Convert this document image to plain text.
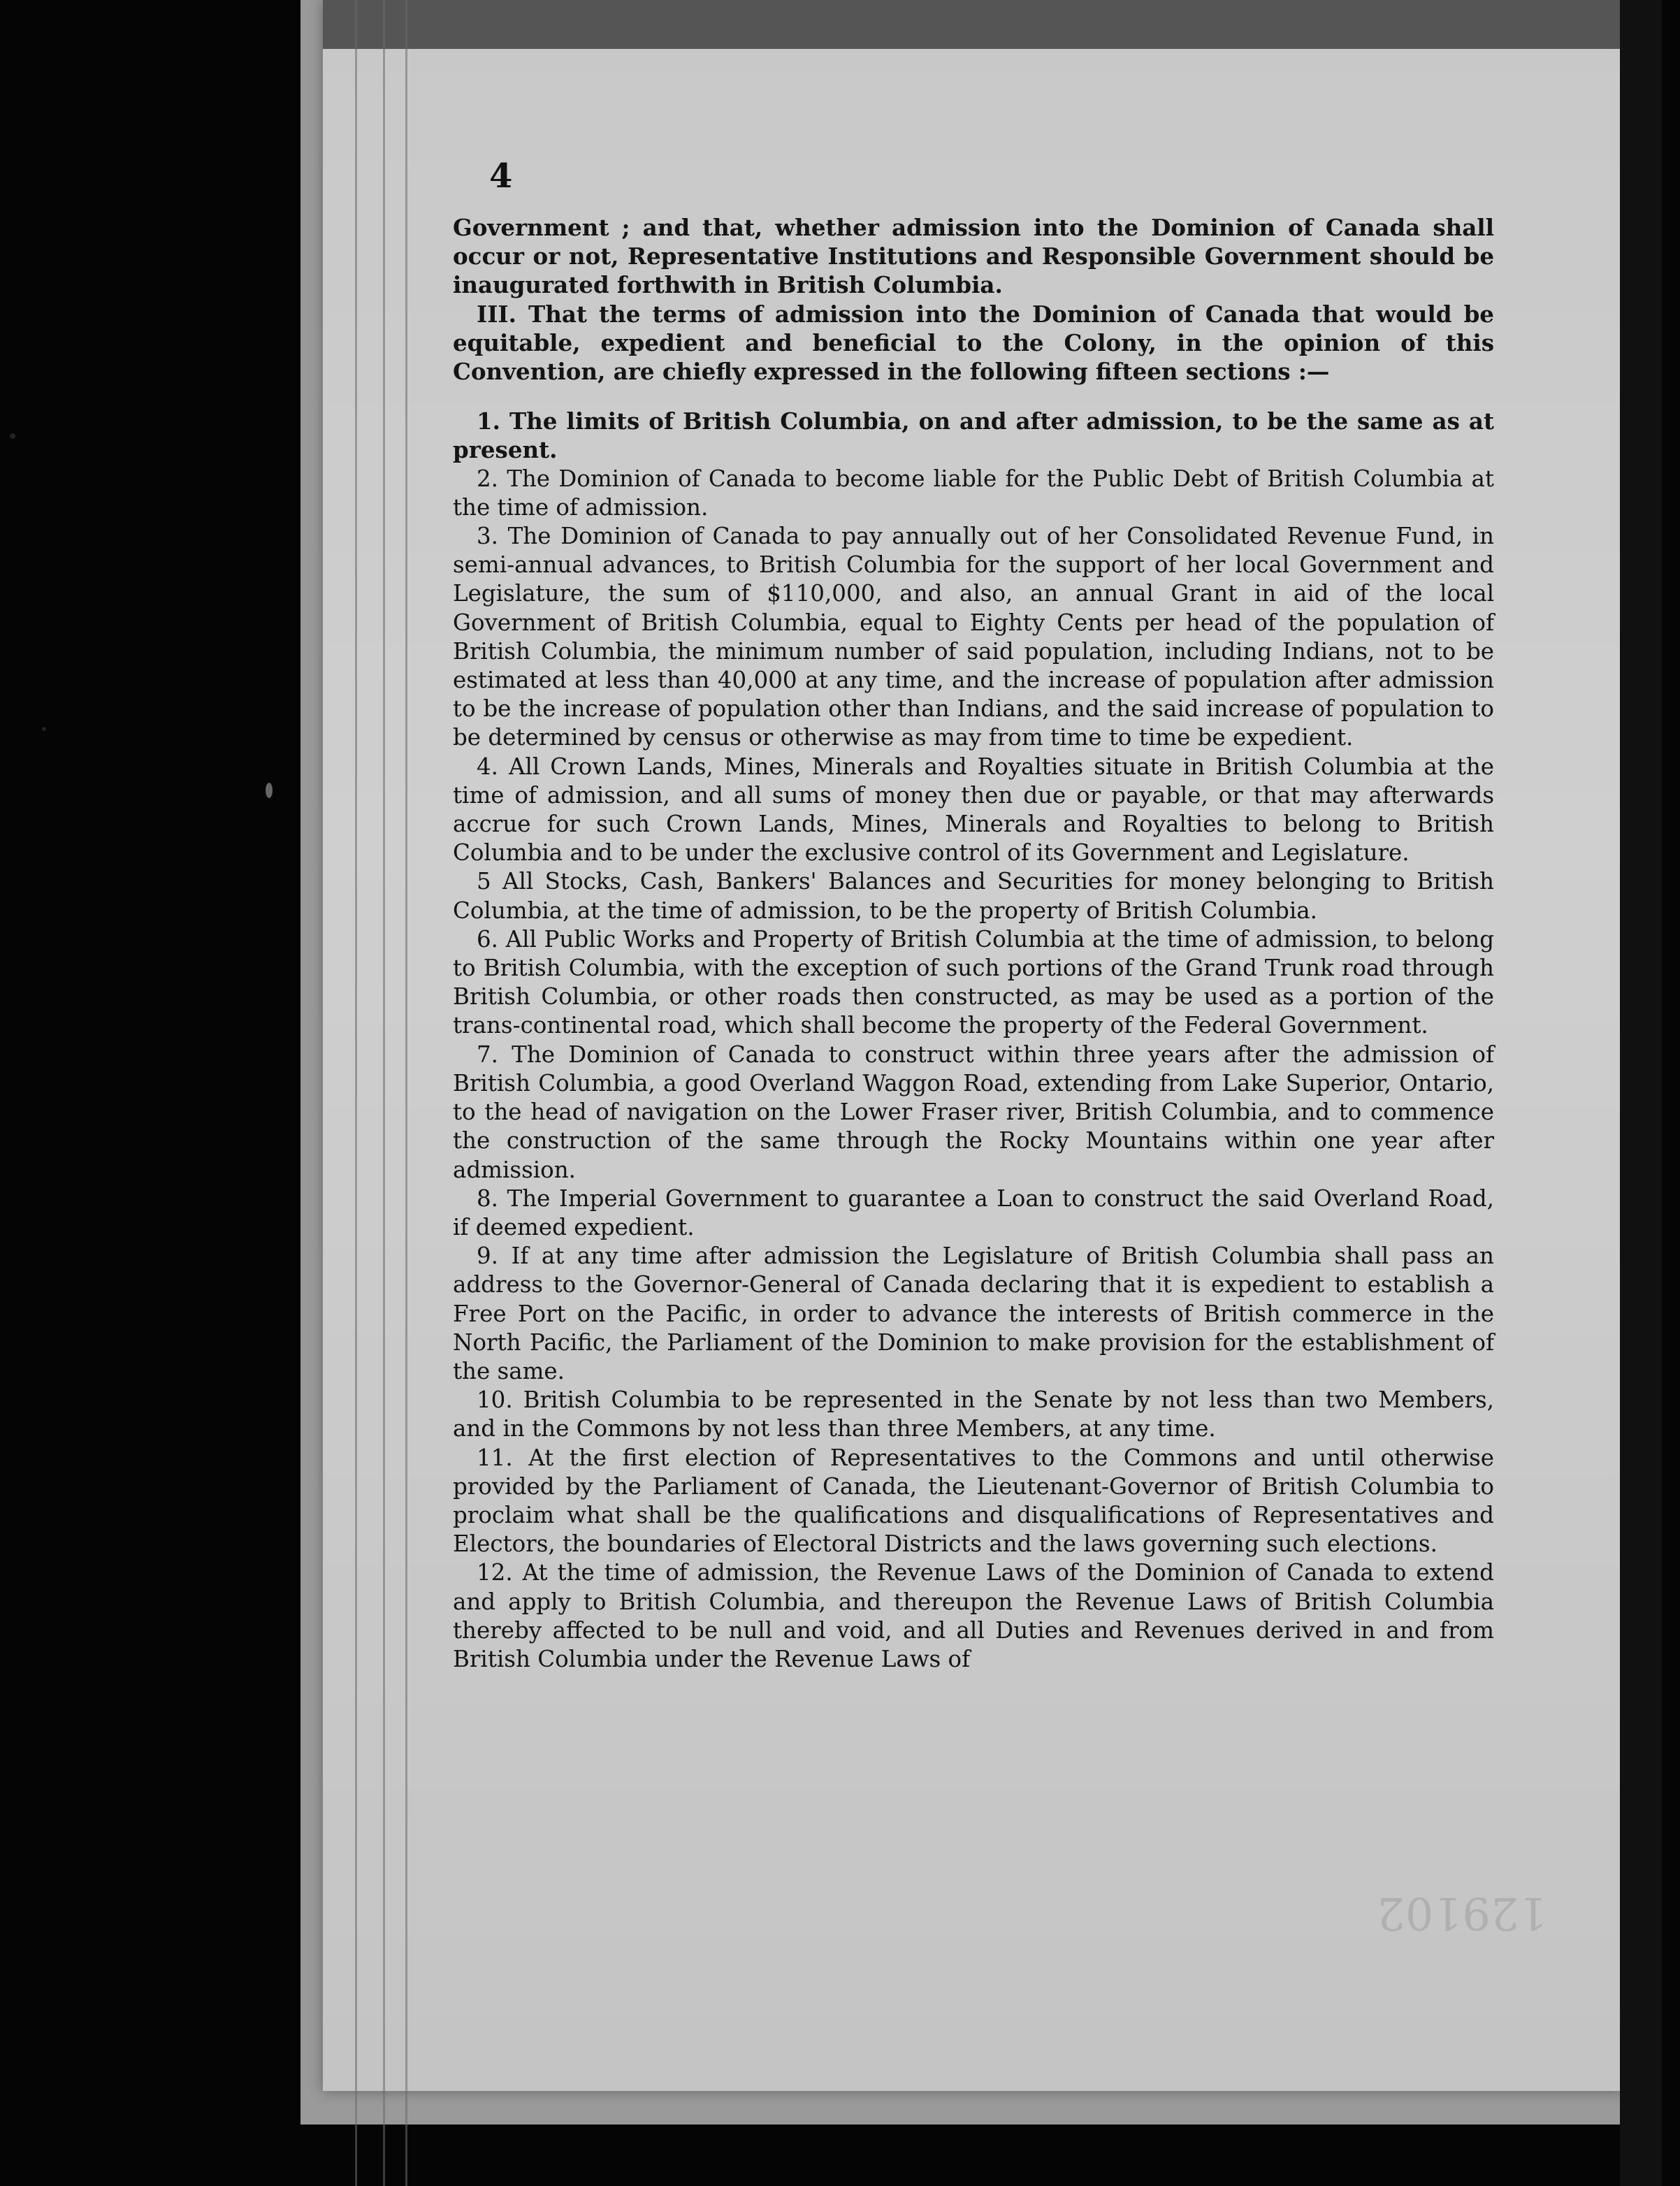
4

Government ; and that, whether admission into the Dominion of Canada shall occur or not, Representative Institutions and Responsible Government should be inaugurated forthwith in British Columbia.

III. That the terms of admission into the Dominion of Canada that would be equitable, expedient and beneficial to the Colony, in the opinion of this Convention, are chiefly expressed in the following fifteen sections :—

1. The limits of British Columbia, on and after admission, to be the same as at present.

2. The Dominion of Canada to become liable for the Public Debt of British Columbia at the time of admission.

3. The Dominion of Canada to pay annually out of her Consolidated Revenue Fund, in semi-annual advances, to British Columbia for the support of her local Government and Legislature, the sum of $110,000, and also, an annual Grant in aid of the local Government of British Columbia, equal to Eighty Cents per head of the population of British Columbia, the minimum number of said population, including Indians, not to be estimated at less than 40,000 at any time, and the increase of population after admission to be the increase of population other than Indians, and the said increase of population to be determined by census or otherwise as may from time to time be expedient.

4. All Crown Lands, Mines, Minerals and Royalties situate in British Columbia at the time of admission, and all sums of money then due or payable, or that may afterwards accrue for such Crown Lands, Mines, Minerals and Royalties to belong to British Columbia and to be under the exclusive control of its Government and Legislature.

5 All Stocks, Cash, Bankers' Balances and Securities for money belonging to British Columbia, at the time of admission, to be the property of British Columbia.

6. All Public Works and Property of British Columbia at the time of admission, to belong to British Columbia, with the exception of such portions of the Grand Trunk road through British Columbia, or other roads then constructed, as may be used as a portion of the trans-continental road, which shall become the property of the Federal Government.

7. The Dominion of Canada to construct within three years after the admission of British Columbia, a good Overland Waggon Road, extending from Lake Superior, Ontario, to the head of navigation on the Lower Fraser river, British Columbia, and to commence the construction of the same through the Rocky Mountains within one year after admission.

8. The Imperial Government to guarantee a Loan to construct the said Overland Road, if deemed expedient.

9. If at any time after admission the Legislature of British Columbia shall pass an address to the Governor-General of Canada declaring that it is expedient to establish a Free Port on the Pacific, in order to advance the interests of British commerce in the North Pacific, the Parliament of the Dominion to make provision for the establishment of the same.

10. British Columbia to be represented in the Senate by not less than two Members, and in the Commons by not less than three Members, at any time.

11. At the first election of Representatives to the Commons and until otherwise provided by the Parliament of Canada, the Lieutenant-Governor of British Columbia to proclaim what shall be the qualifications and disqualifications of Representatives and Electors, the boundaries of Electoral Districts and the laws governing such elections.

12. At the time of admission, the Revenue Laws of the Dominion of Canada to extend and apply to British Columbia, and thereupon the Revenue Laws of British Columbia thereby affected to be null and void, and all Duties and Revenues derived in and from British Columbia under the Revenue Laws of

129102
